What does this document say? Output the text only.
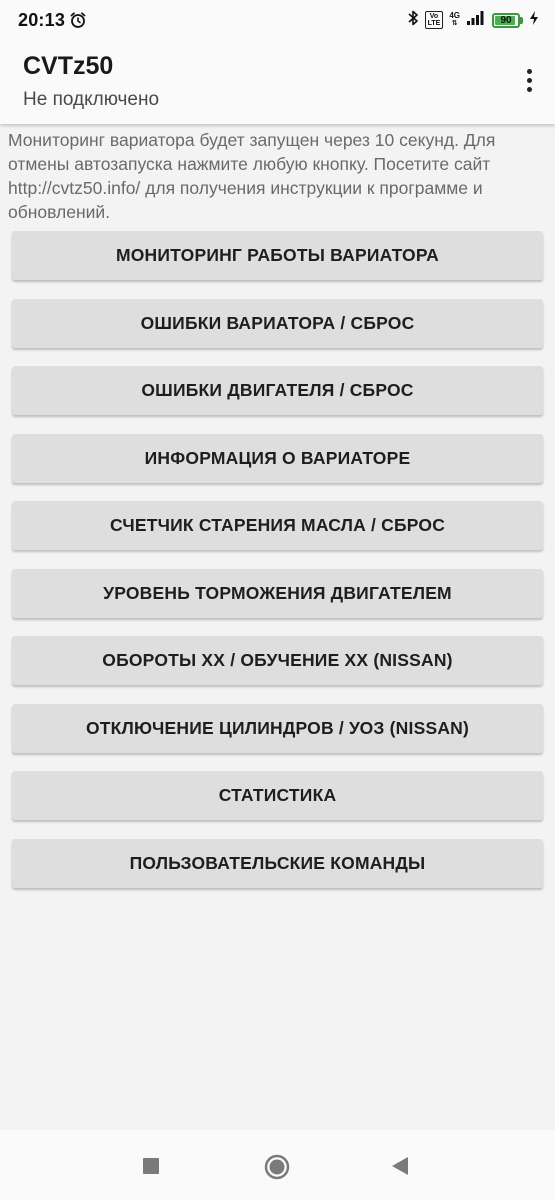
20:13	Vo
LTE
4G
⇅	90
CVTz50
Не подключено
Мониторинг вариатора будет запущен через 10 секунд. Для отмены автозапуска нажмите любую кнопку. Посетите сайт http://cvtz50.info/ для получения инструкции к программе и обновлений.
МОНИТОРИНГ РАБОТЫ ВАРИАТОРА
ОШИБКИ ВАРИАТОРА / СБРОС
ОШИБКИ ДВИГАТЕЛЯ / СБРОС
ИНФОРМАЦИЯ О ВАРИАТОРЕ
СЧЕТЧИК СТАРЕНИЯ МАСЛА / СБРОС
УРОВЕНЬ ТОРМОЖЕНИЯ ДВИГАТЕЛЕМ
ОБОРОТЫ ХХ / ОБУЧЕНИЕ ХХ (NISSAN)
ОТКЛЮЧЕНИЕ ЦИЛИНДРОВ / УОЗ (NISSAN)
СТАТИСТИКА
ПОЛЬЗОВАТЕЛЬСКИЕ КОМАНДЫ
